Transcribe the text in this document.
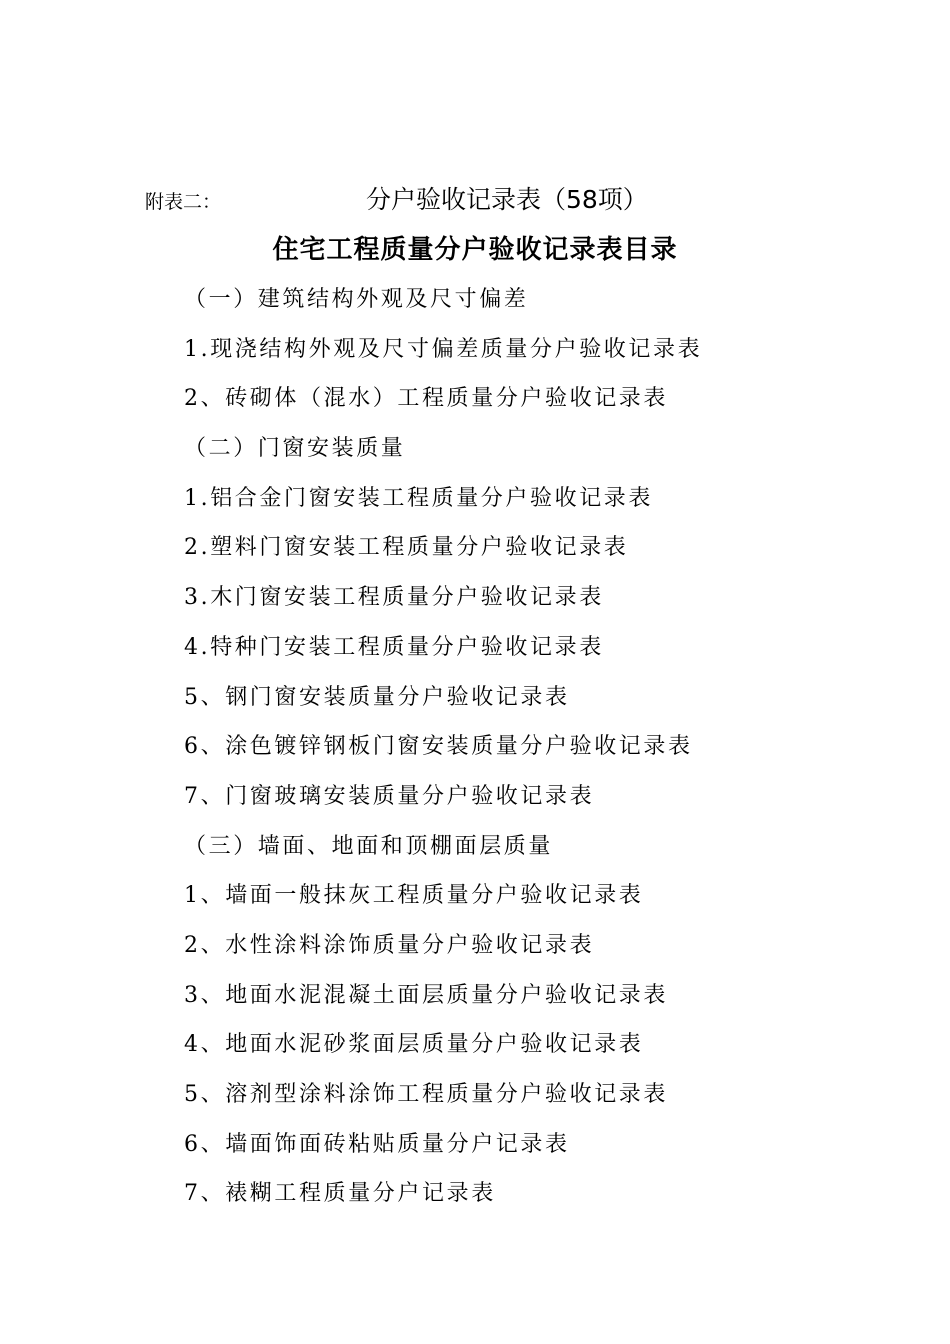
附表二：	分户验收记录表（58项）
住宅工程质量分户验收记录表目录
（一）建筑结构外观及尺寸偏差
1.现浇结构外观及尺寸偏差质量分户验收记录表
2、砖砌体（混水）工程质量分户验收记录表
（二）门窗安装质量
1.铝合金门窗安装工程质量分户验收记录表
2.塑料门窗安装工程质量分户验收记录表
3.木门窗安装工程质量分户验收记录表
4.特种门安装工程质量分户验收记录表
5、钢门窗安装质量分户验收记录表
6、涂色镀锌钢板门窗安装质量分户验收记录表
7、门窗玻璃安装质量分户验收记录表
（三）墙面、地面和顶棚面层质量
1、墙面一般抹灰工程质量分户验收记录表
2、水性涂料涂饰质量分户验收记录表
3、地面水泥混凝土面层质量分户验收记录表
4、地面水泥砂浆面层质量分户验收记录表
5、溶剂型涂料涂饰工程质量分户验收记录表
6、墙面饰面砖粘贴质量分户记录表
7、裱糊工程质量分户记录表
